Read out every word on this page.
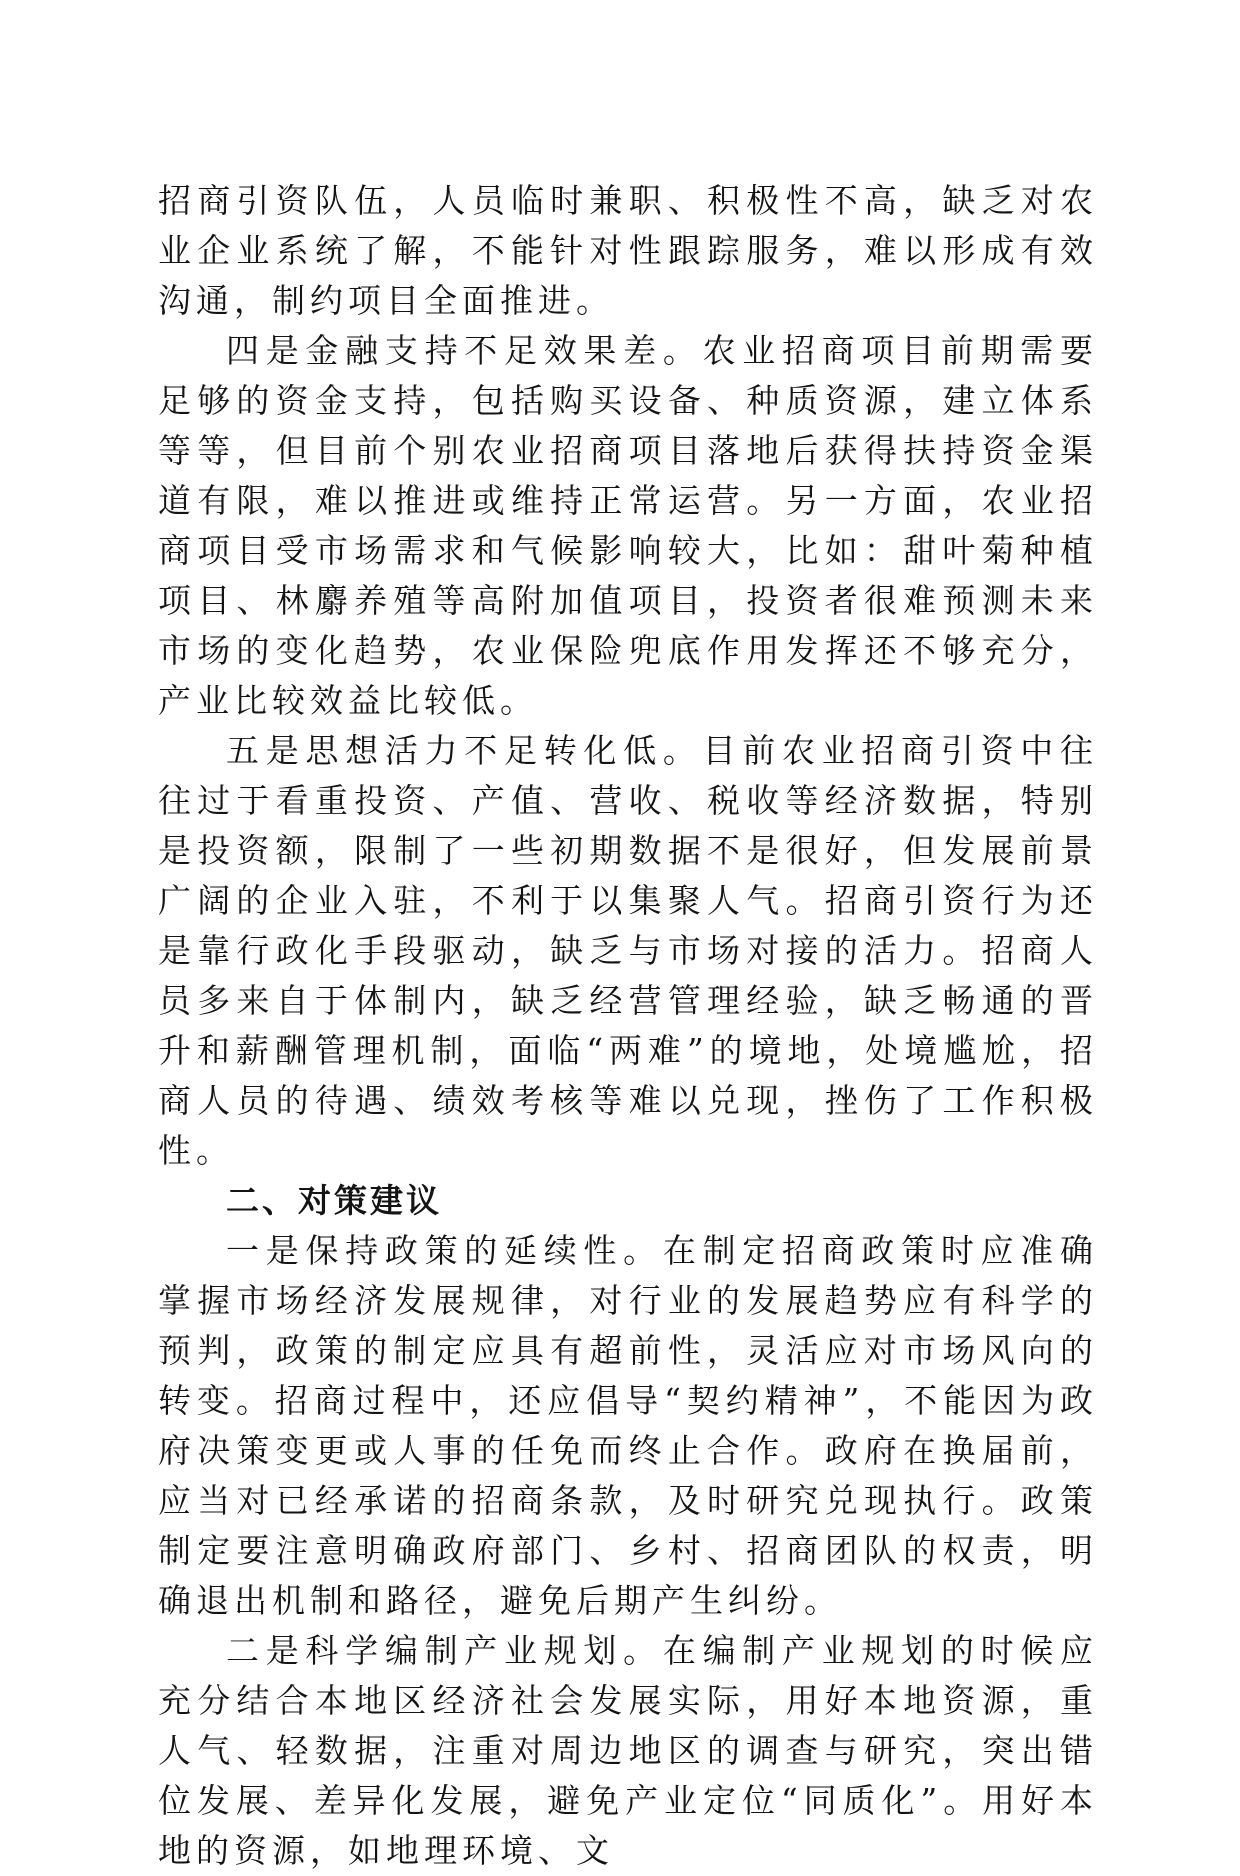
招商引资队伍，人员临时兼职、积极性不高，缺乏对农业企业系统了解，不能针对性跟踪服务，难以形成有效沟通，制约项目全面推进。

四是金融支持不足效果差。农业招商项目前期需要足够的资金支持，包括购买设备、种质资源，建立体系等等，但目前个别农业招商项目落地后获得扶持资金渠道有限，难以推进或维持正常运营。另一方面，农业招商项目受市场需求和气候影响较大，比如：甜叶菊种植项目、林麝养殖等高附加值项目，投资者很难预测未来市场的变化趋势，农业保险兜底作用发挥还不够充分，产业比较效益比较低。

五是思想活力不足转化低。目前农业招商引资中往往过于看重投资、产值、营收、税收等经济数据，特别是投资额，限制了一些初期数据不是很好，但发展前景广阔的企业入驻，不利于以集聚人气。招商引资行为还是靠行政化手段驱动，缺乏与市场对接的活力。招商人员多来自于体制内，缺乏经营管理经验，缺乏畅通的晋升和薪酬管理机制，面临“两难”的境地，处境尴尬，招商人员的待遇、绩效考核等难以兑现，挫伤了工作积极性。

二、对策建议

一是保持政策的延续性。在制定招商政策时应准确掌握市场经济发展规律，对行业的发展趋势应有科学的预判，政策的制定应具有超前性，灵活应对市场风向的转变。招商过程中，还应倡导“契约精神”，不能因为政府决策变更或人事的任免而终止合作。政府在换届前，应当对已经承诺的招商条款，及时研究兑现执行。政策制定要注意明确政府部门、乡村、招商团队的权责，明确退出机制和路径，避免后期产生纠纷。

二是科学编制产业规划。在编制产业规划的时候应充分结合本地区经济社会发展实际，用好本地资源，重人气、轻数据，注重对周边地区的调查与研究，突出错位发展、差异化发展，避免产业定位“同质化”。用好本地的资源，如地理环境、文
